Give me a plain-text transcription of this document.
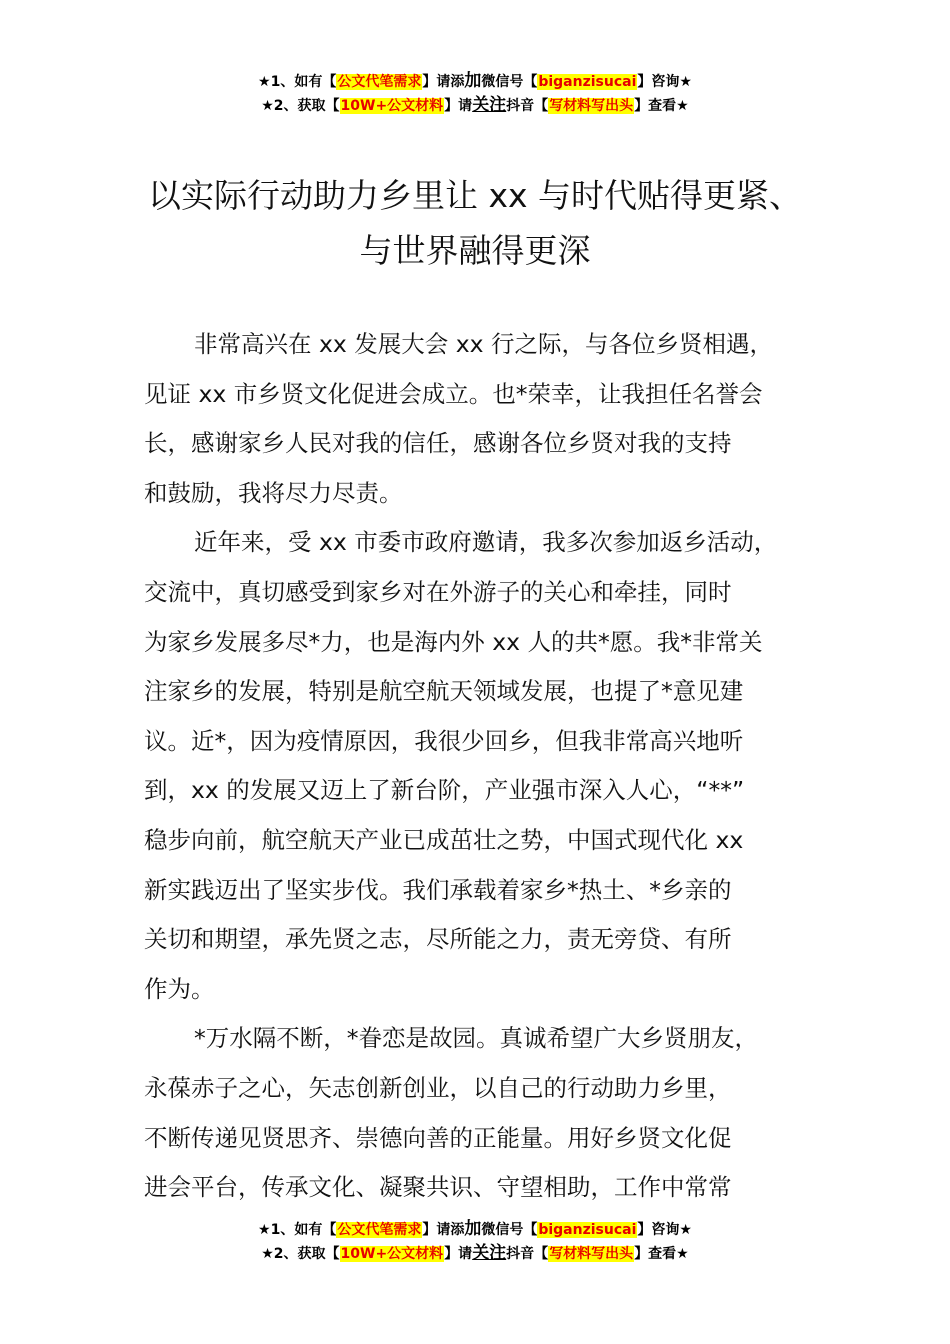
★1、如有【公文代笔需求】请添加微信号【biganzisucai】咨询★
★2、获取【10W+公文材料】请关注抖音【写材料写出头】查看★
以实际行动助力乡里让 xx 与时代贴得更紧、
与世界融得更深
非常高兴在 xx 发展大会 xx 行之际，与各位乡贤相遇，
见证 xx 市乡贤文化促进会成立。也*荣幸，让我担任名誉会
长，感谢家乡人民对我的信任，感谢各位乡贤对我的支持
和鼓励，我将尽力尽责。
近年来，受 xx 市委市政府邀请，我多次参加返乡活动，
交流中，真切感受到家乡对在外游子的关心和牵挂，同时
为家乡发展多尽*力，也是海内外 xx 人的共*愿。我*非常关
注家乡的发展，特别是航空航天领域发展，也提了*意见建
议。近*，因为疫情原因，我很少回乡，但我非常高兴地听
到，xx 的发展又迈上了新台阶，产业强市深入人心，“**”
稳步向前，航空航天产业已成茁壮之势，中国式现代化 xx
新实践迈出了坚实步伐。我们承载着家乡*热土、*乡亲的
关切和期望，承先贤之志，尽所能之力，责无旁贷、有所
作为。
*万水隔不断，*眷恋是故园。真诚希望广大乡贤朋友，
永葆赤子之心，矢志创新创业，以自己的行动助力乡里，
不断传递见贤思齐、崇德向善的正能量。用好乡贤文化促
进会平台，传承文化、凝聚共识、守望相助，工作中常常
★1、如有【公文代笔需求】请添加微信号【biganzisucai】咨询★
★2、获取【10W+公文材料】请关注抖音【写材料写出头】查看★
